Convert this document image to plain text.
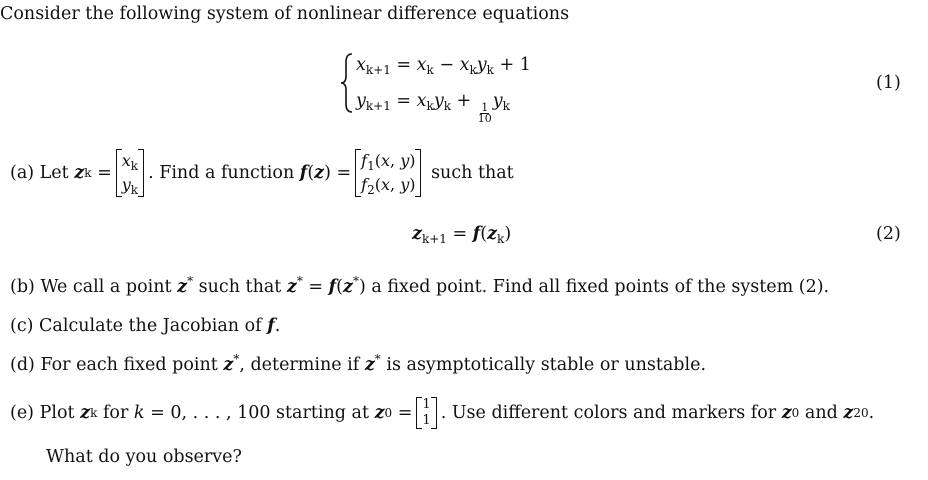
Consider the following system of nonlinear difference equations
$x_{k+1} = x_k - x_ky_k + 1$
$y_{k+1} = x_ky_k$ +
$\frac{1}{10}$
$y_k$
(1)
(a)
Let
z k =
$x_k$
$y_k$
. Find a function
f ( z ) =
$f_1(x$, y)
$f_2(x$, y)

such that
$z_{k+1} = f(z_k)$	(2)
(b) We call a point z* such that z* = f(z*) a fixed point. Find all fixed points of the system (2).
(c) Calculate the Jacobian of f.
(d) For each fixed point z*, determine if z* is asymptotically stable or unstable.
(e)
Plot
z k
for
k
= 0, . . . , 100 starting at
z 0 = 1
1 . Use different colors and markers for
z 0
and
z 20 .
What do you observe?
